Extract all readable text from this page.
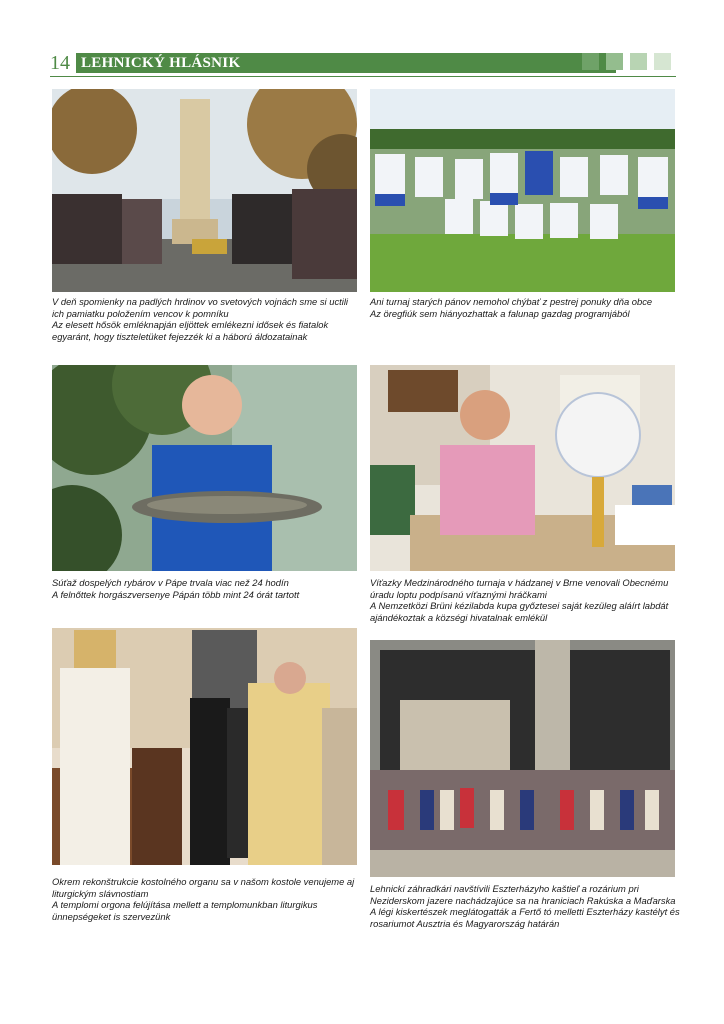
14 LEHNICKÝ HLÁSNIK
V deň spomienky na padlých hrdinov vo svetových vojnách sme si uctili ich pamiatku položením vencov k pomníku
Az elesett hősök emléknapján eljöttek emlékezni idősek és fiatalok egyaránt, hogy tiszteletüket fejezzék ki a háború áldozatainak
Ani turnaj starých pánov nemohol chýbať z pestrej ponuky dňa obce
Az öregfiúk sem hiányozhattak a falunap gazdag programjából
Súťaž dospelých rybárov v Pápe trvala viac než 24 hodín
A felnőttek horgászversenye Pápán több mint 24 órát tartott
Víťazky Medzinárodného turnaja v hádzanej v Brne venovali Obecnému úradu loptu podpísanú víťaznými hráčkami
A Nemzetközi Brüni kézilabda kupa győztesei saját kezüleg aláírt labdát ajándékoztak a községi hivatalnak emlékül
Okrem rekonštrukcie kostolného organu sa v našom kostole venujeme aj liturgickým slávnostiam
A templomi orgona felújítása mellett a templomunkban liturgikus ünnepségeket is szervezünk
Lehnickí záhradkári navštívili Eszterházyho kaštieľ a rozárium pri Neziderskom jazere nachádzajúce sa na hraniciach Rakúska a Maďarska
A légi kiskertészek meglátogatták a Fertő tó melletti Eszterházy kastélyt és rosariumot Ausztria és Magyarország határán
